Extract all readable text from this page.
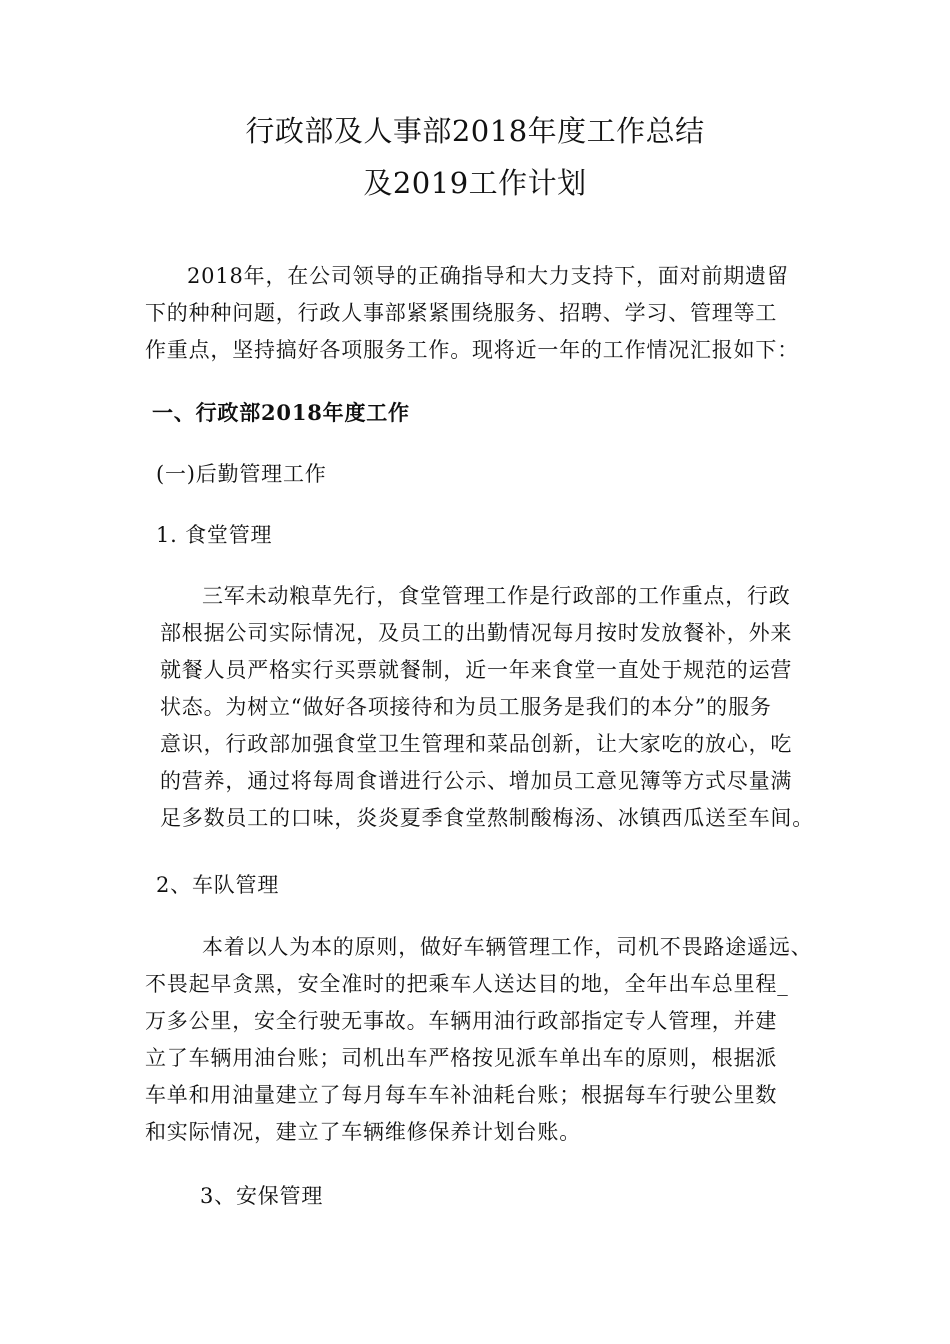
行政部及人事部2018年度工作总结
及2019工作计划
2018年，在公司领导的正确指导和大力支持下，面对前期遗留
下的种种问题，行政人事部紧紧围绕服务、招聘、学习、管理等工
作重点，坚持搞好各项服务工作。现将近一年的工作情况汇报如下：
一、行政部2018年度工作
(一)后勤管理工作
1. 食堂管理
三军未动粮草先行，食堂管理工作是行政部的工作重点，行政
部根据公司实际情况，及员工的出勤情况每月按时发放餐补，外来
就餐人员严格实行买票就餐制，近一年来食堂一直处于规范的运营
状态。为树立“做好各项接待和为员工服务是我们的本分”的服务
意识，行政部加强食堂卫生管理和菜品创新，让大家吃的放心，吃
的营养，通过将每周食谱进行公示、增加员工意见簿等方式尽量满
足多数员工的口味，炎炎夏季食堂熬制酸梅汤、冰镇西瓜送至车间。
2、车队管理
本着以人为本的原则，做好车辆管理工作，司机不畏路途遥远、
不畏起早贪黑，安全准时的把乘车人送达目的地，全年出车总里程_
万多公里，安全行驶无事故。车辆用油行政部指定专人管理，并建
立了车辆用油台账；司机出车严格按见派车单出车的原则，根据派
车单和用油量建立了每月每车车补油耗台账；根据每车行驶公里数
和实际情况，建立了车辆维修保养计划台账。
3、安保管理
